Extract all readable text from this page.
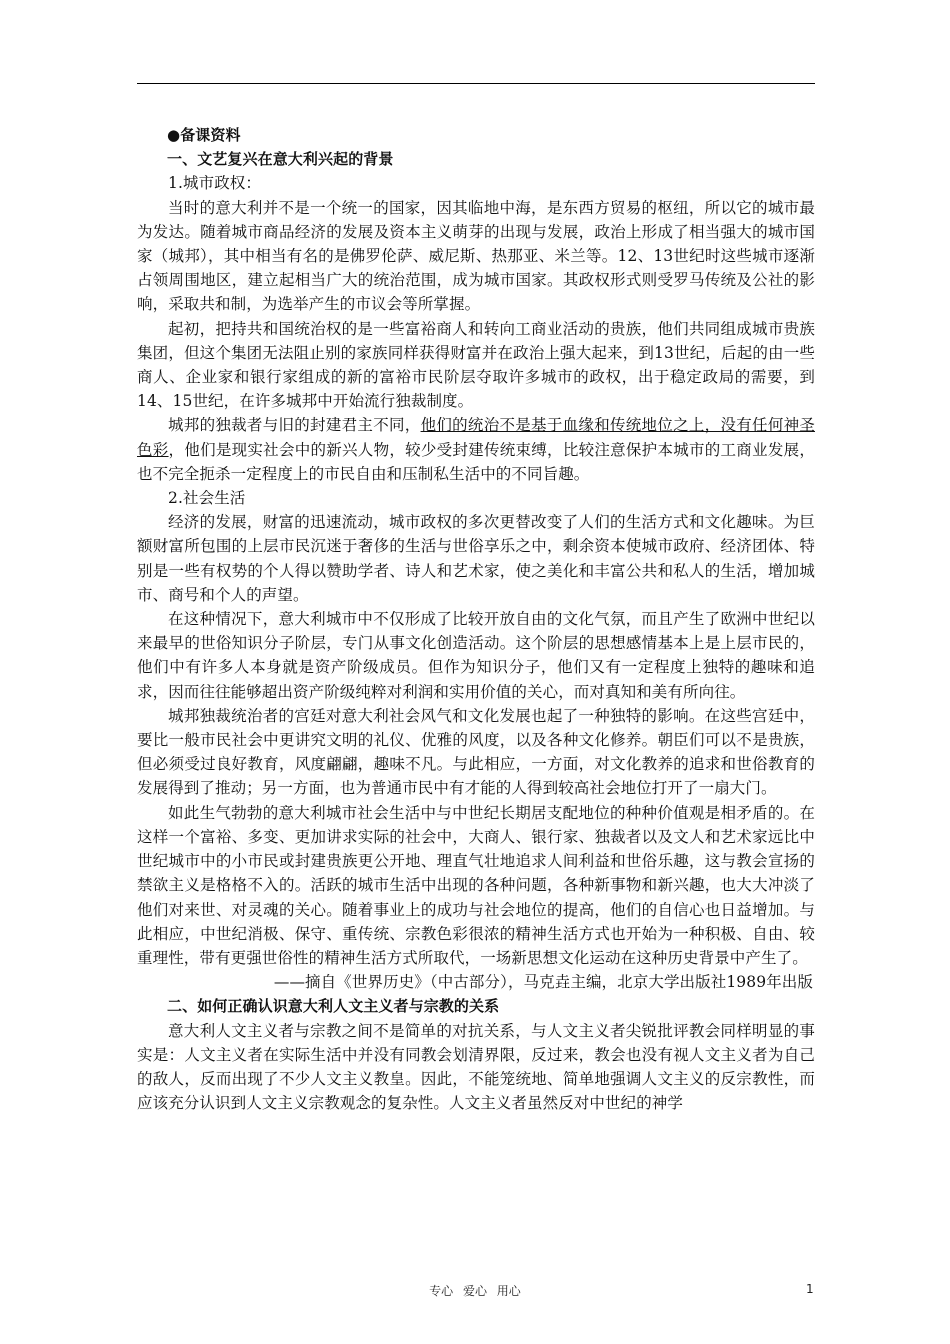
●备课资料

一、文艺复兴在意大利兴起的背景

1.城市政权：

当时的意大利并不是一个统一的国家，因其临地中海，是东西方贸易的枢纽，所以它的城市最为发达。随着城市商品经济的发展及资本主义萌芽的出现与发展，政治上形成了相当强大的城市国家（城邦），其中相当有名的是佛罗伦萨、威尼斯、热那亚、米兰等。12、13世纪时这些城市逐渐占领周围地区，建立起相当广大的统治范围，成为城市国家。其政权形式则受罗马传统及公社的影响，采取共和制，为选举产生的市议会等所掌握。

起初，把持共和国统治权的是一些富裕商人和转向工商业活动的贵族，他们共同组成城市贵族集团，但这个集团无法阻止别的家族同样获得财富并在政治上强大起来，到13世纪，后起的由一些商人、企业家和银行家组成的新的富裕市民阶层夺取许多城市的政权，出于稳定政局的需要，到14、15世纪，在许多城邦中开始流行独裁制度。

城邦的独裁者与旧的封建君主不同，他们的统治不是基于血缘和传统地位之上，没有任何神圣色彩，他们是现实社会中的新兴人物，较少受封建传统束缚，比较注意保护本城市的工商业发展，也不完全扼杀一定程度上的市民自由和压制私生活中的不同旨趣。

2.社会生活

经济的发展，财富的迅速流动，城市政权的多次更替改变了人们的生活方式和文化趣味。为巨额财富所包围的上层市民沉迷于奢侈的生活与世俗享乐之中，剩余资本使城市政府、经济团体、特别是一些有权势的个人得以赞助学者、诗人和艺术家，使之美化和丰富公共和私人的生活，增加城市、商号和个人的声望。

在这种情况下，意大利城市中不仅形成了比较开放自由的文化气氛，而且产生了欧洲中世纪以来最早的世俗知识分子阶层，专门从事文化创造活动。这个阶层的思想感情基本上是上层市民的，他们中有许多人本身就是资产阶级成员。但作为知识分子，他们又有一定程度上独特的趣味和追求，因而往往能够超出资产阶级纯粹对利润和实用价值的关心，而对真知和美有所向往。

城邦独裁统治者的宫廷对意大利社会风气和文化发展也起了一种独特的影响。在这些宫廷中，要比一般市民社会中更讲究文明的礼仪、优雅的风度，以及各种文化修养。朝臣们可以不是贵族，但必须受过良好教育，风度翩翩，趣味不凡。与此相应，一方面，对文化教养的追求和世俗教育的发展得到了推动；另一方面，也为普通市民中有才能的人得到较高社会地位打开了一扇大门。

如此生气勃勃的意大利城市社会生活中与中世纪长期居支配地位的种种价值观是相矛盾的。在这样一个富裕、多变、更加讲求实际的社会中，大商人、银行家、独裁者以及文人和艺术家远比中世纪城市中的小市民或封建贵族更公开地、理直气壮地追求人间利益和世俗乐趣，这与教会宣扬的禁欲主义是格格不入的。活跃的城市生活中出现的各种问题，各种新事物和新兴趣，也大大冲淡了他们对来世、对灵魂的关心。随着事业上的成功与社会地位的提高，他们的自信心也日益增加。与此相应，中世纪消极、保守、重传统、宗教色彩很浓的精神生活方式也开始为一种积极、自由、较重理性，带有更强世俗性的精神生活方式所取代，一场新思想文化运动在这种历史背景中产生了。

——摘自《世界历史》（中古部分），马克垚主编，北京大学出版社1989年出版

二、如何正确认识意大利人文主义者与宗教的关系

意大利人文主义者与宗教之间不是简单的对抗关系，与人文主义者尖锐批评教会同样明显的事实是：人文主义者在实际生活中并没有同教会划清界限，反过来，教会也没有视人文主义者为自己的敌人，反而出现了不少人文主义教皇。因此，不能笼统地、简单地强调人文主义的反宗教性，而应该充分认识到人文主义宗教观念的复杂性。人文主义者虽然反对中世纪的神学

专心 爱心 用心	1
